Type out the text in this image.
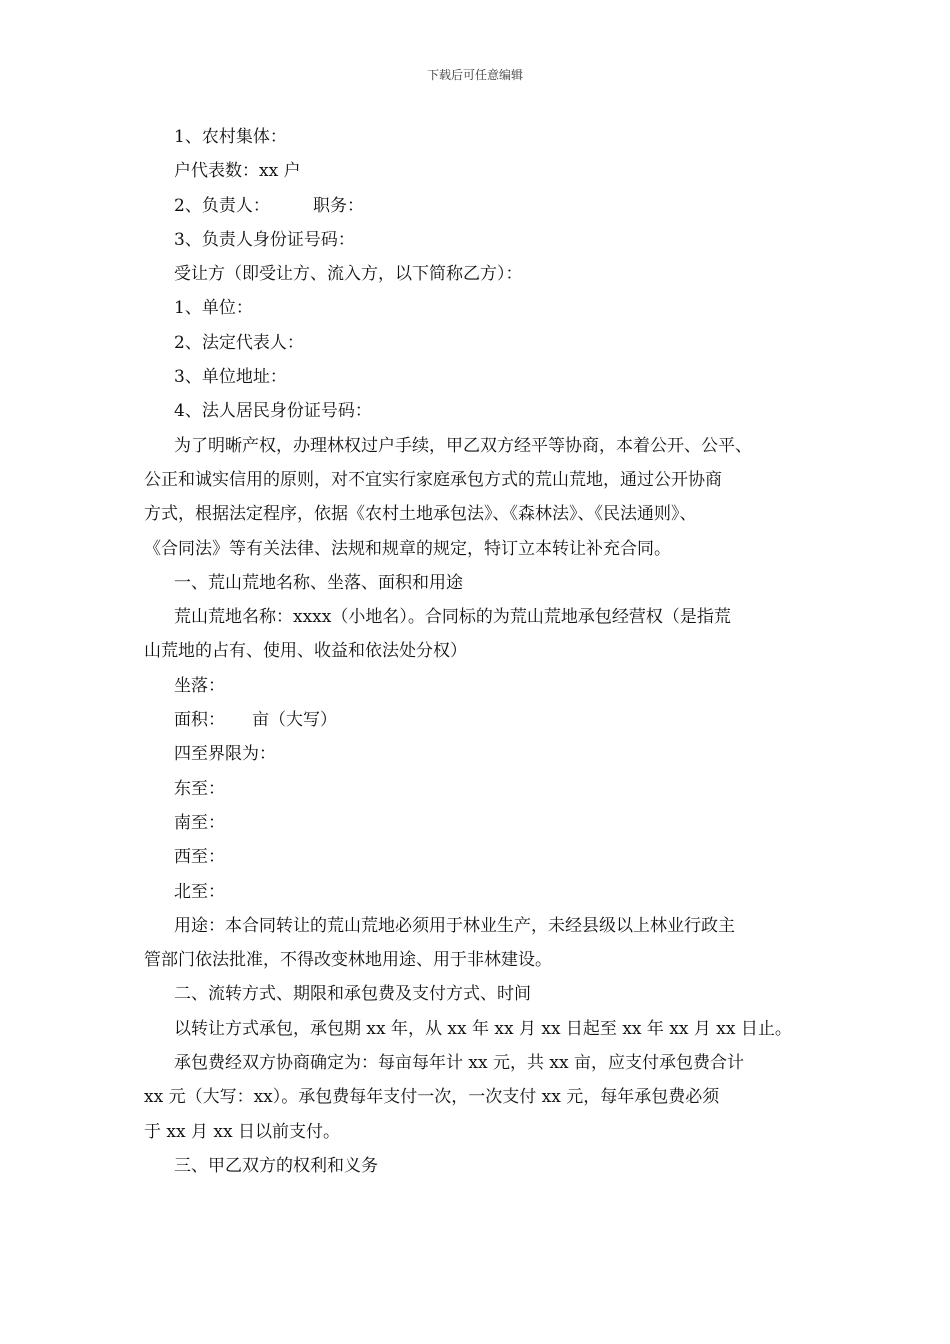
下载后可任意编辑

1、农村集体：

户代表数：xx 户

2、负责人：        职务：

3、负责人身份证号码：

受让方（即受让方、流入方，以下简称乙方）：

1、单位：

2、法定代表人：

3、单位地址：

4、法人居民身份证号码：

为了明晰产权，办理林权过户手续，甲乙双方经平等协商，本着公开、公平、

公正和诚实信用的原则，对不宜实行家庭承包方式的荒山荒地，通过公开协商

方式，根据法定程序，依据《农村土地承包法》、《森林法》、《民法通则》、

《合同法》等有关法律、法规和规章的规定，特订立本转让补充合同。

一、荒山荒地名称、坐落、面积和用途

荒山荒地名称：xxxx（小地名）。合同标的为荒山荒地承包经营权（是指荒

山荒地的占有、使用、收益和依法处分权）

坐落：

面积：     亩（大写）

四至界限为：

东至：

南至：

西至：

北至：

用途：本合同转让的荒山荒地必须用于林业生产，未经县级以上林业行政主

管部门依法批准，不得改变林地用途、用于非林建设。

二、流转方式、期限和承包费及支付方式、时间

以转让方式承包，承包期 xx 年，从 xx 年 xx 月 xx 日起至 xx 年 xx 月 xx 日止。

承包费经双方协商确定为：每亩每年计 xx 元，共 xx 亩，应支付承包费合计

xx 元（大写：xx）。承包费每年支付一次，一次支付 xx 元，每年承包费必须

于 xx 月 xx 日以前支付。

三、甲乙双方的权利和义务
